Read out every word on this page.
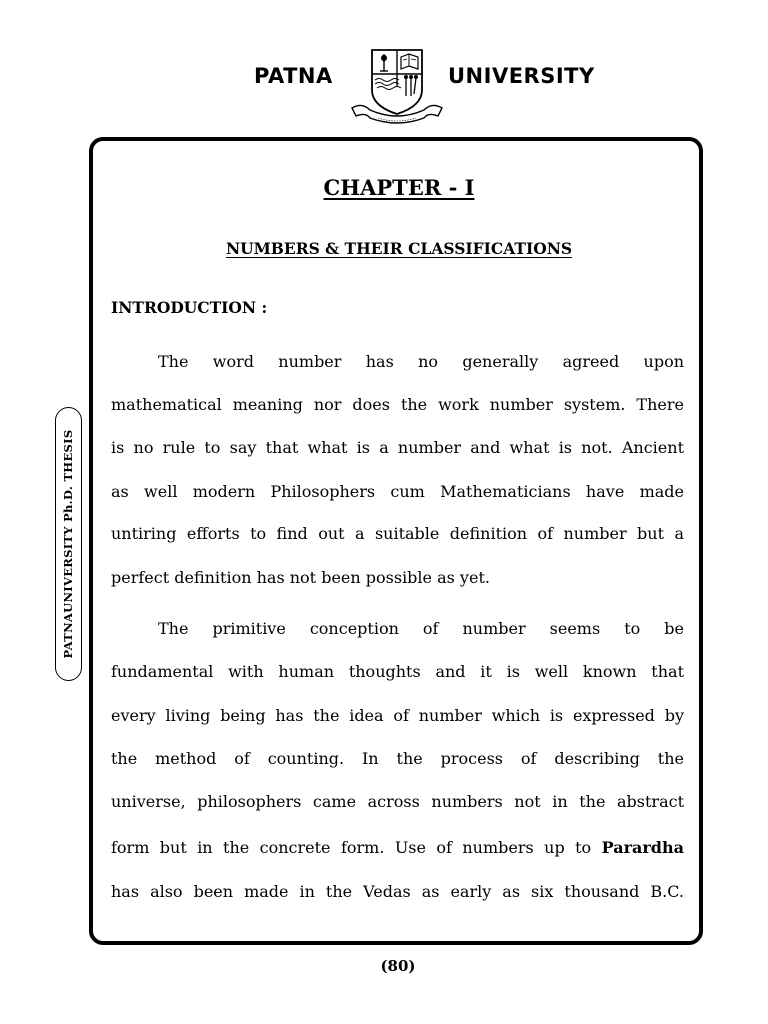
PATNA	UNIVERSITY
PATNAUNIVERSITY Ph.D. THESIS
CHAPTER - I
NUMBERS & THEIR CLASSIFICATIONS
INTRODUCTION :
The word number has no generally agreed upon
mathematical meaning nor does the work number system. There
is no rule to say that what is a number and what is not. Ancient
as well modern Philosophers cum Mathematicians have made
untiring efforts to find out a suitable definition of number but a
perfect definition has not been possible as yet.
The primitive conception of number seems to be
fundamental with human thoughts and it is well known that
every living being has the idea of number which is expressed by
the method of counting. In the process of describing the
universe, philosophers came across numbers not in the abstract
form but in the concrete form. Use of numbers up to Parardha
has also been made in the Vedas as early as six thousand B.C.
(80)
